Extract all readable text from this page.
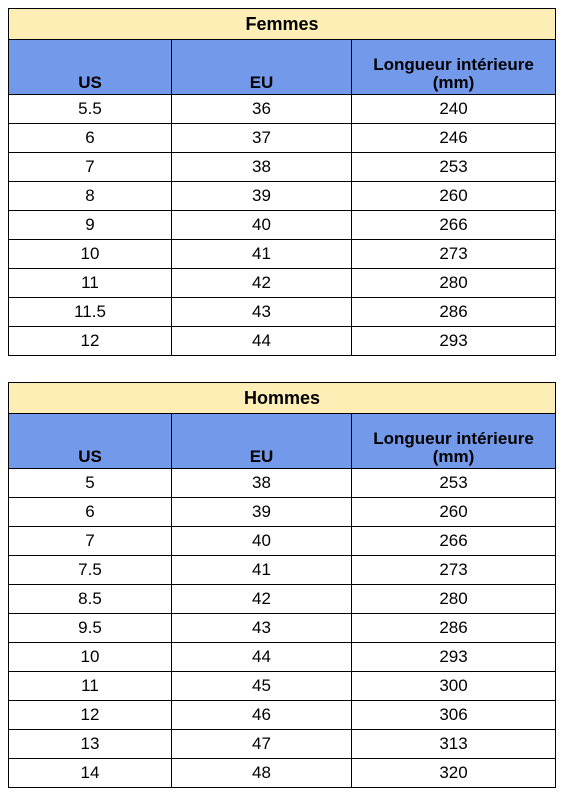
Femmes		
US	EU	Longueur intérieure (mm)
5.5	36	240
6	37	246
7	38	253
8	39	260
9	40	266
10	41	273
11	42	280
11.5	43	286
12	44	293
Hommes		
US	EU	Longueur intérieure (mm)
5	38	253
6	39	260
7	40	266
7.5	41	273
8.5	42	280
9.5	43	286
10	44	293
11	45	300
12	46	306
13	47	313
14	48	320
